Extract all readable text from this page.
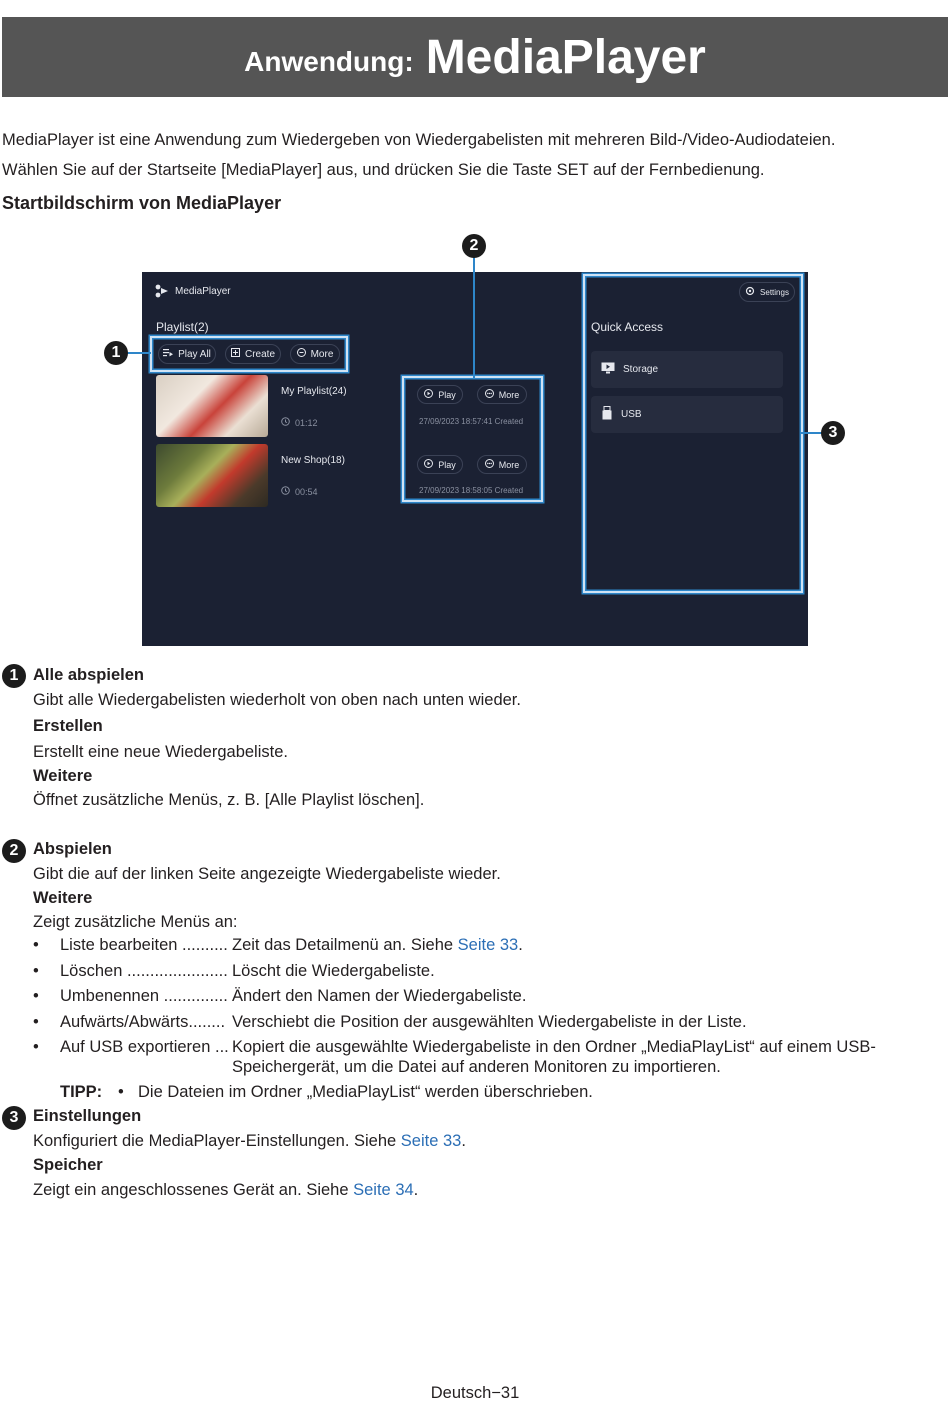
Anwendung: MediaPlayer
MediaPlayer ist eine Anwendung zum Wiedergeben von Wiedergabelisten mit mehreren Bild-/Video-Audiodateien.
Wählen Sie auf der Startseite [MediaPlayer] aus, und drücken Sie die Taste SET auf der Fernbedienung.
Startbildschirm von MediaPlayer
MediaPlayer	Settings
Playlist(2)
Play All	Create	More
My Playlist(24)
01:12
New Shop(18)
00:54
Play	More
27/09/2023 18:57:41 Created
Play	More
27/09/2023 18:58:05 Created
Quick Access
Storage
USB
1
2
3
1 Alle abspielen
Gibt alle Wiedergabelisten wiederholt von oben nach unten wieder.
Erstellen
Erstellt eine neue Wiedergabeliste.
Weitere
Öffnet zusätzliche Menüs, z. B. [Alle Playlist löschen].
2 Abspielen
Gibt die auf der linken Seite angezeigte Wiedergabeliste wieder.
Weitere
Zeigt zusätzliche Menüs an:
• Liste bearbeiten .......... Zeit das Detailmenü an. Siehe Seite 33.
• Löschen ...................... Löscht die Wiedergabeliste.
• Umbenennen .............. Ändert den Namen der Wiedergabeliste.
• Aufwärts/Abwärts........ Verschiebt die Position der ausgewählten Wiedergabeliste in der Liste.
• Auf USB exportieren ... Kopiert die ausgewählte Wiedergabeliste in den Ordner „MediaPlayList“ auf einem USB-
Speichergerät, um die Datei auf anderen Monitoren zu importieren.
TIPP: • Die Dateien im Ordner „MediaPlayList“ werden überschrieben.
3 Einstellungen
Konfiguriert die MediaPlayer-Einstellungen. Siehe Seite 33.
Speicher
Zeigt ein angeschlossenes Gerät an. Siehe Seite 34.
Deutsch−31
